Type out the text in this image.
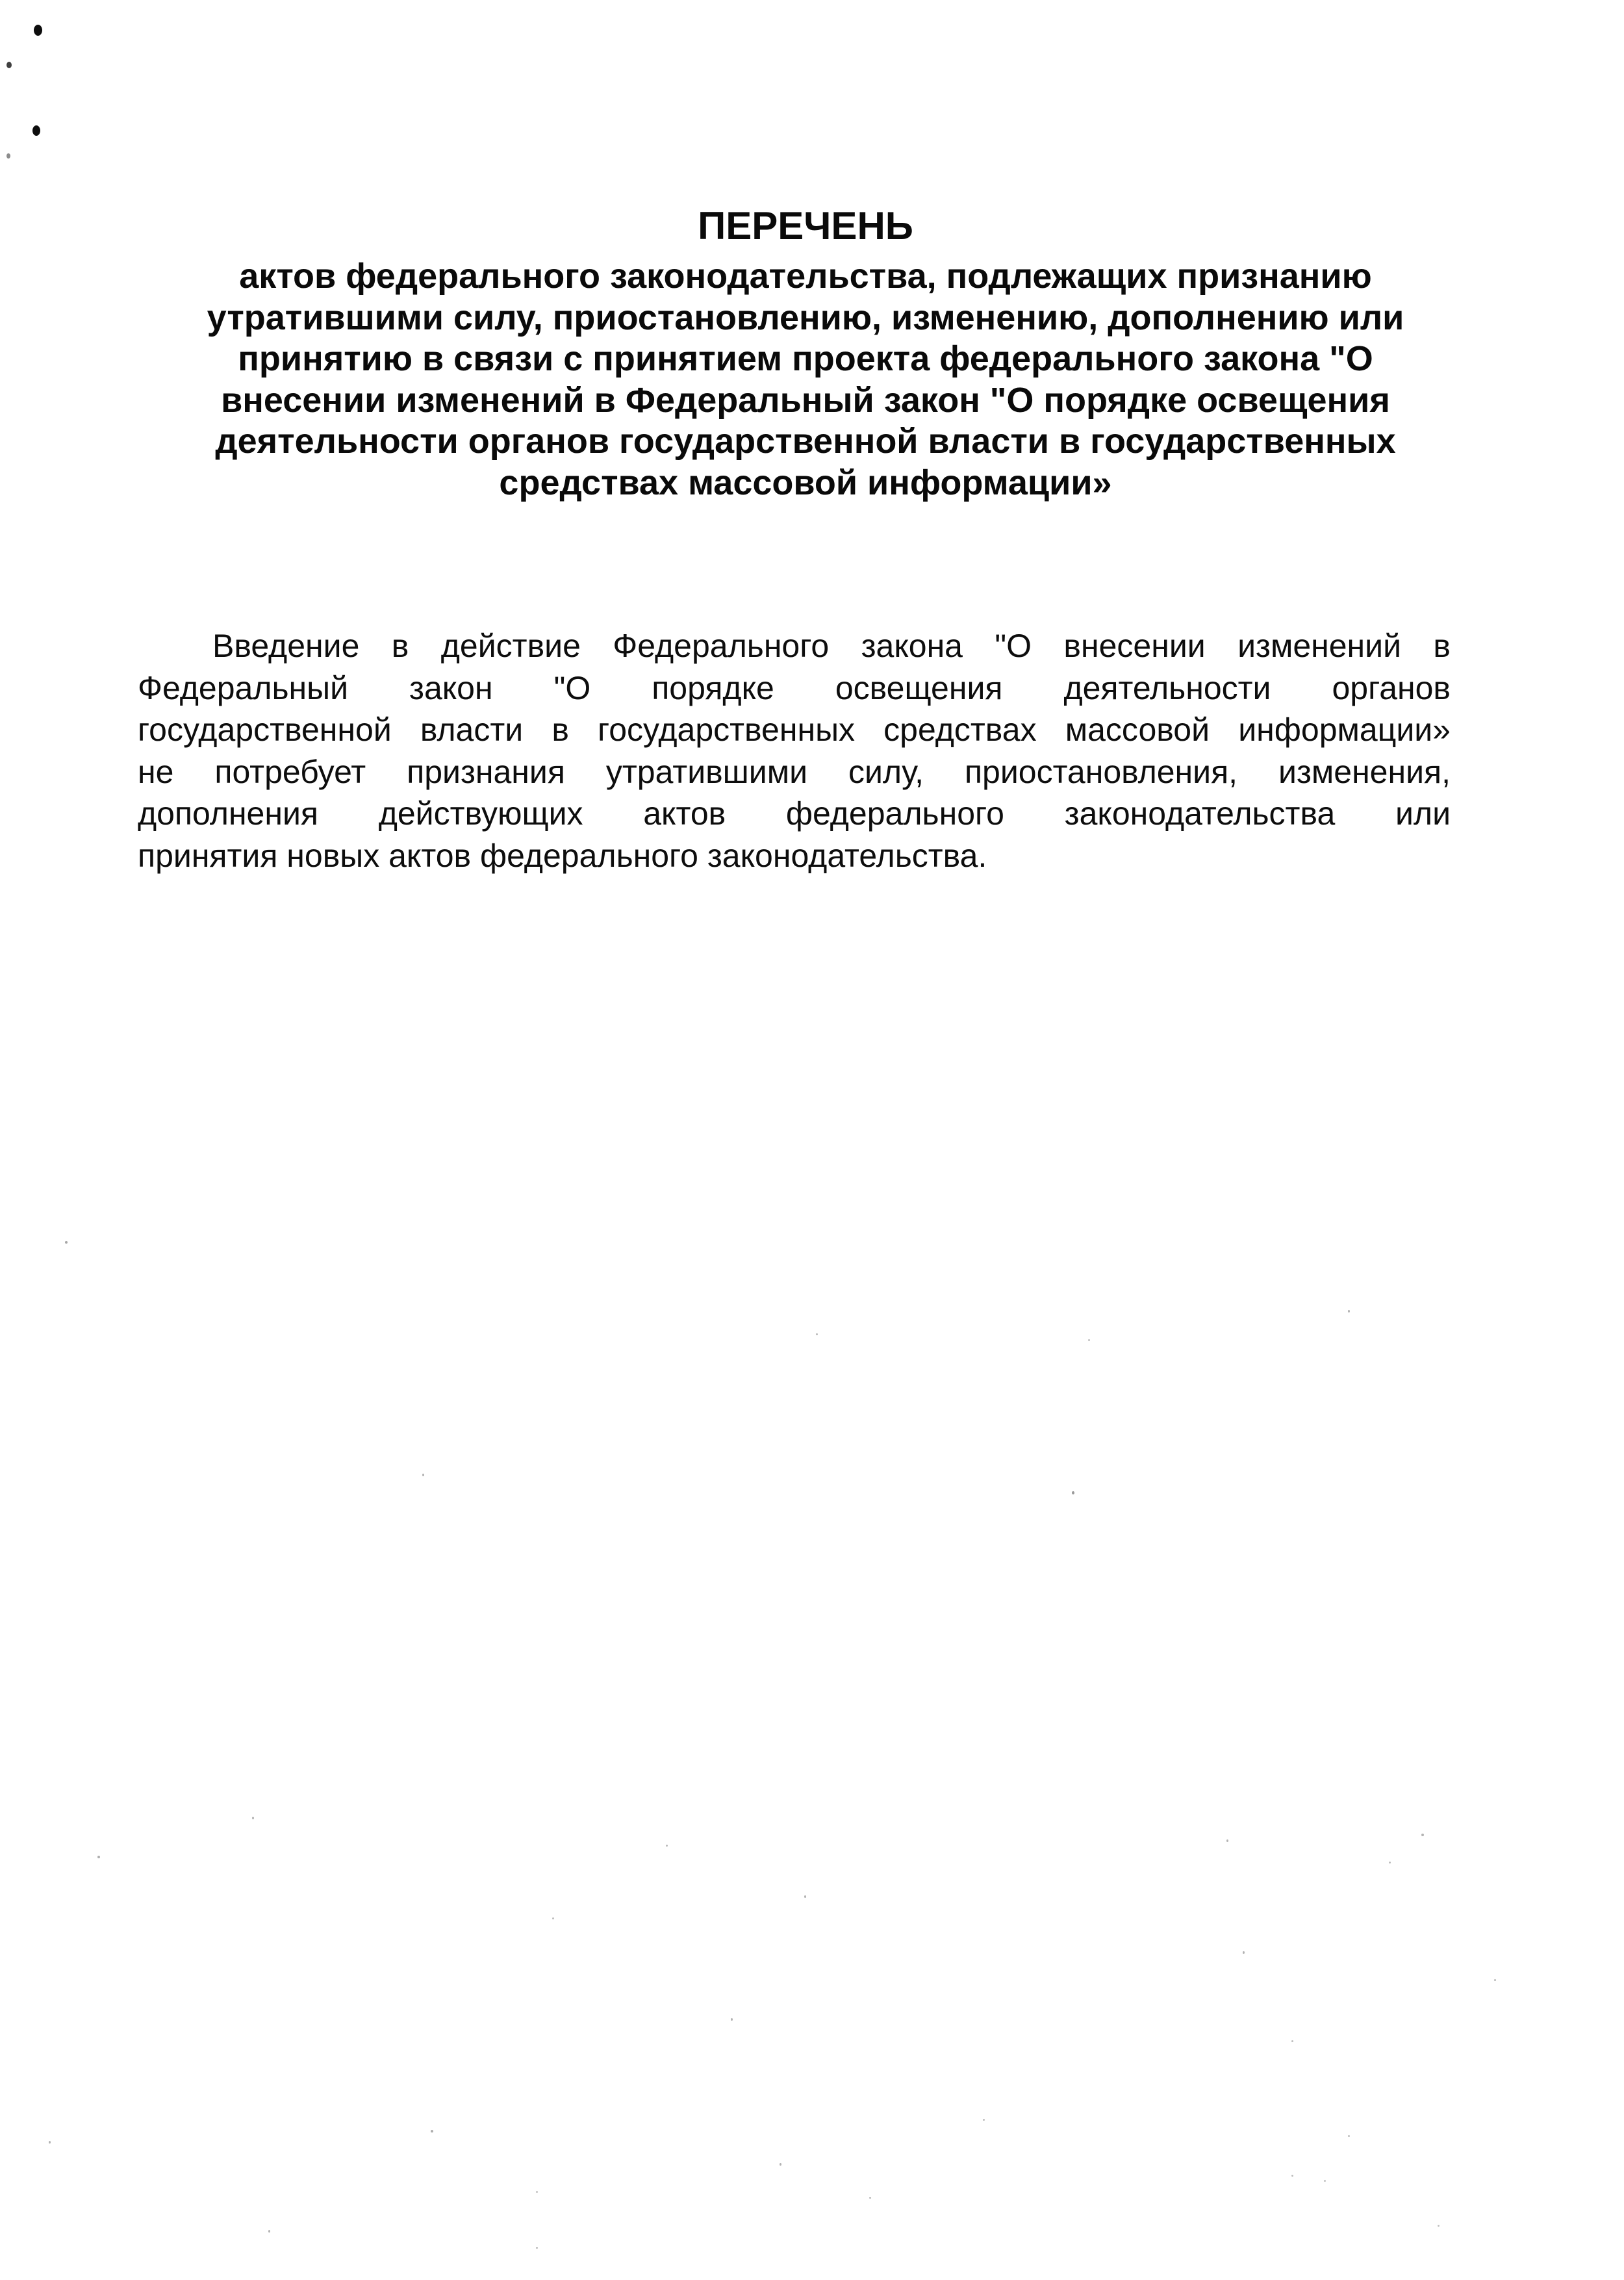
ПЕРЕЧЕНЬ
актов федерального законодательства, подлежащих признанию
утратившими силу, приостановлению, изменению, дополнению или
принятию в связи с принятием проекта федерального закона "О
внесении изменений в Федеральный закон "О порядке освещения
деятельности органов государственной власти в государственных
средствах массовой информации»
Введение в действие Федерального закона "О внесении изменений в
Федеральный закон "О порядке освещения деятельности органов
государственной власти в государственных средствах массовой информации»
не потребует признания утратившими силу, приостановления, изменения,
дополнения действующих актов федерального законодательства или
принятия новых актов федерального законодательства.
